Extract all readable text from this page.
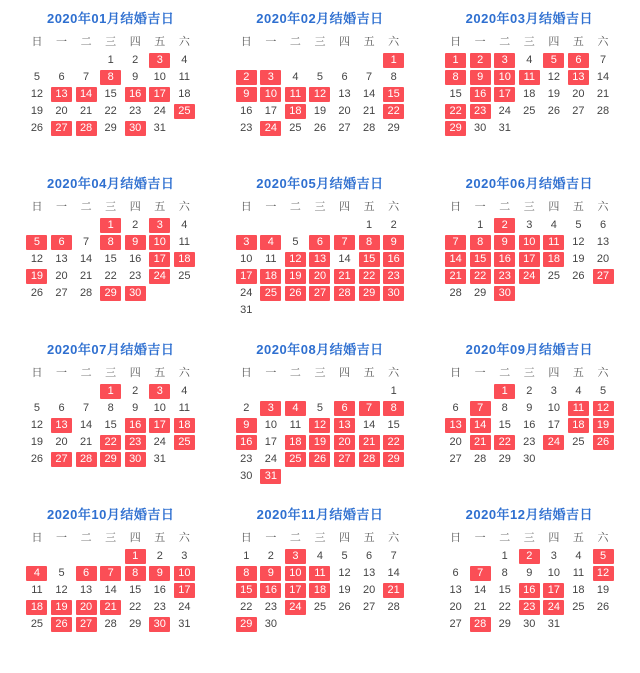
2020年01月结婚吉日
日	一	二	三	四	五	六

			1	2	3	4

5	6	7	8	9	10	11

12	13	14	15	16	17	18

19	20	21	22	23	24	25

26	27	28	29	30	31	

2020年02月结婚吉日
日	一	二	三	四	五	六

						1

2	3	4	5	6	7	8

9	10	11	12	13	14	15

16	17	18	19	20	21	22

23	24	25	26	27	28	29
2020年03月结婚吉日
日	一	二	三	四	五	六

1	2	3	4	5	6	7

8	9	10	11	12	13	14

15	16	17	18	19	20	21

22	23	24	25	26	27	28

29	30	31				

2020年04月结婚吉日
日	一	二	三	四	五	六

			1	2	3	4

5	6	7	8	9	10	11

12	13	14	15	16	17	18

19	20	21	22	23	24	25

26	27	28	29	30		

2020年05月结婚吉日
日	一	二	三	四	五	六

					1	2

3	4	5	6	7	8	9

10	11	12	13	14	15	16

17	18	19	20	21	22	23

24	25	26	27	28	29	30

31						

2020年06月结婚吉日
日	一	二	三	四	五	六

	1	2	3	4	5	6

7	8	9	10	11	12	13

14	15	16	17	18	19	20

21	22	23	24	25	26	27

28	29	30				

2020年07月结婚吉日
日	一	二	三	四	五	六

			1	2	3	4

5	6	7	8	9	10	11

12	13	14	15	16	17	18

19	20	21	22	23	24	25

26	27	28	29	30	31	

2020年08月结婚吉日
日	一	二	三	四	五	六

						1

2	3	4	5	6	7	8

9	10	11	12	13	14	15

16	17	18	19	20	21	22

23	24	25	26	27	28	29

30	31					

2020年09月结婚吉日
日	一	二	三	四	五	六

		1	2	3	4	5

6	7	8	9	10	11	12

13	14	15	16	17	18	19

20	21	22	23	24	25	26

27	28	29	30			

2020年10月结婚吉日
日	一	二	三	四	五	六

				1	2	3

4	5	6	7	8	9	10

11	12	13	14	15	16	17

18	19	20	21	22	23	24

25	26	27	28	29	30	31
2020年11月结婚吉日
日	一	二	三	四	五	六

1	2	3	4	5	6	7

8	9	10	11	12	13	14

15	16	17	18	19	20	21

22	23	24	25	26	27	28

29	30					

2020年12月结婚吉日
日	一	二	三	四	五	六

		1	2	3	4	5

6	7	8	9	10	11	12

13	14	15	16	17	18	19

20	21	22	23	24	25	26

27	28	29	30	31		
